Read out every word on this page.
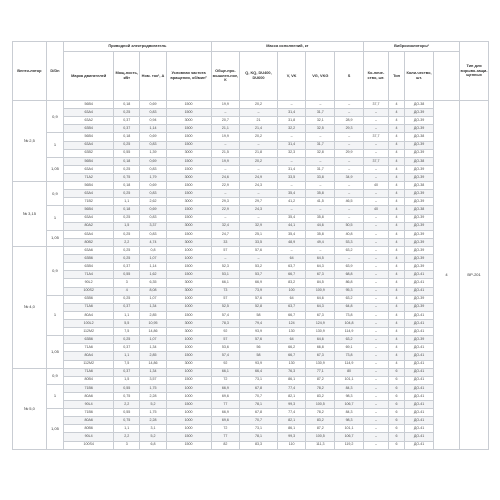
Венти-лятор	D/Dn	Приводной электродвигатель				Масса исполнений, кг					Виброизоляторы¹				Тип для взрыво-защи-щенных
		Марка двигателей	Мощ-ность, кВт	Ном. ток¹, А	Условная частота вращения, об/мин²	Обще-про-мышлен-ное, К	Q, KQ, DU400, DU600	V, VK	VG, VKG	S	Ко-личе-ство, шт.	Тип	Коли-чество, шт.		
№ 2,5	0,9	56В4	0,18	0,69	1500	19,9	20,2	–	–	–	37,7	4	ДО-38	4	ВР-201
		63А4	0,25	0,83	1500	–	–	31,4	31,7	–	–	4	ДО-39		
		63А2	0,37	0,94	3000	20,7	21	31,8	32,1	28,9	–	4	ДО-39		
		63В4	0,37	1,14	1500	21,1	21,4	32,2	32,5	29,3	–	4	ДО-39		
	1	56В4	0,18	0,69	1500	19,9	20,2	–	–	–	37,7	4	ДО-38		
		63А4	0,25	0,83	1500	–	–	31,4	31,7	–	–	4	ДО-39		
		63В2	0,55	1,39	3000	21,5	21,8	32,3	32,8	29,9	–	4	ДО-39		
	1,05	56В4	0,18	0,69	1500	19,9	20,2	–	–	–	37,7	4	ДО-38		
		63А4	0,25	0,83	1500	–	–	31,4	31,7	–	–	4	ДО-39		
		71А2	0,75	1,79	3000	24,6	24,9	33,5	33,8	34,9	–	4	ДО-39		
№ 3,15	0,9	56В4	0,18	0,69	1500	22,9	24,3	–	–	–	40	4	ДО-38		
		63А4	0,25	0,83	1500	–	–	35,4	35,8	–	–	4	ДО-39		
		71В2	1,1	2,62	3000	29,3	29,7	41,2	41,5	46,5	–	4	ДО-39		
	1	56В4	0,18	0,69	1500	22,9	24,3	–	–	–	40	4	ДО-38		
		63А4	0,25	0,83	1500	–	–	35,4	35,8	–	–	4	ДО-39		
		80А2	1,5	3,37	3000	32,4	32,9	44,1	44,6	50,5	–	4	ДО-39		
	1,05	63А4	0,25	0,83	1500	24,7	25,1	35,4	35,8	40,8	–	4	ДО-39		
		80В2	2,2	4,74	3000	33	33,5	48,9	49,4	53,3	–	4	ДО-39		
№ 4,0	0,9	63А6	0,25	0,8	1000	57	57,6	–	–	63,2	–	4	ДО-39		
		63В6	0,25	1,07	1000	–	–	64	64,5	–	–	4	ДО-39		
		63В4	0,37	1,14	1500	52,3	53,2	63,7	64,3	63,9	–	4	ДО-39		
		71А4	0,55	1,62	1500	53,1	53,7	66,7	67,3	68,8	–	4	ДО-41		
		90L2	3	6,35	3000	66,1	66,9	83,2	84,5	86,8	–	4	ДО-41		
		100S2	4	8,08	3000	73	73,9	100	100,9	95,3	–	4	ДО-41		
	1	63В6	0,25	1,07	1000	57	57,6	64	64,6	63,2	–	4	ДО-39		
		71А6	0,37	1,34	1000	52,5	52,8	63,7	64,3	64,8	–	4	ДО-39		
		80А4	1,1	2,85	1500	57,4	58	66,7	67,3	73,8	–	4	ДО-41		
		100L2	5,5	10,95	3000	78,3	79,4	124	124,9	104,8	–	4	ДО-41		
		112М2	7,5	14,86	3000	92	93,9	130	130,9	114,9	–	4	ДО-41		
	1,05	63В6	0,25	1,07	1000	57	57,6	64	64,6	63,2	–	4	ДО-39		
		71А6	0,37	1,34	1000	53,6	56	66,2	66,8	69,1	–	4	ДО-41		
		80А4	1,1	2,85	1500	57,4	58	66,7	67,3	73,8	–	4	ДО-41		
		112М2	7,5	14,86	3000	92	93,9	130	130,9	114,9	–	4	ДО-41		
№ 5,0	0,9	71А6	0,37	1,34	1000	66,1	66,4	76,3	77,1	80	–	6	ДО-41		
		80В4	1,5	3,57	1500	72	73,1	86,1	87,2	101,1	–	6	ДО-41		
	1	71В6	0,55	1,75	1000	66,9	67,8	77,4	78,2	84,3	–	6	ДО-41		
		80А6	0,75	2,28	1000	69,6	70,7	82,1	83,2	98,3	–	6	ДО-41		
		90L4	2,2	5,2	1500	77	78,1	99,3	100,5	106,7	–	6	ДО-41		
	1,05	71В6	0,55	1,75	1000	66,9	67,8	77,4	78,2	84,3	–	6	ДО-41		
		80А6	0,75	2,28	1000	69,6	70,7	82,1	83,2	98,3	–	6	ДО-41		
		80В6	1,1	3,1	1000	72	73,1	86,1	87,2	101,1	–	6	ДО-41		
		90L4	2,2	5,2	1500	77	78,1	99,3	100,5	106,7	–	6	ДО-41		
		100S4	3	6,8	1500	82	83,3	110	111,3	119,2	–	6	ДО-41		
